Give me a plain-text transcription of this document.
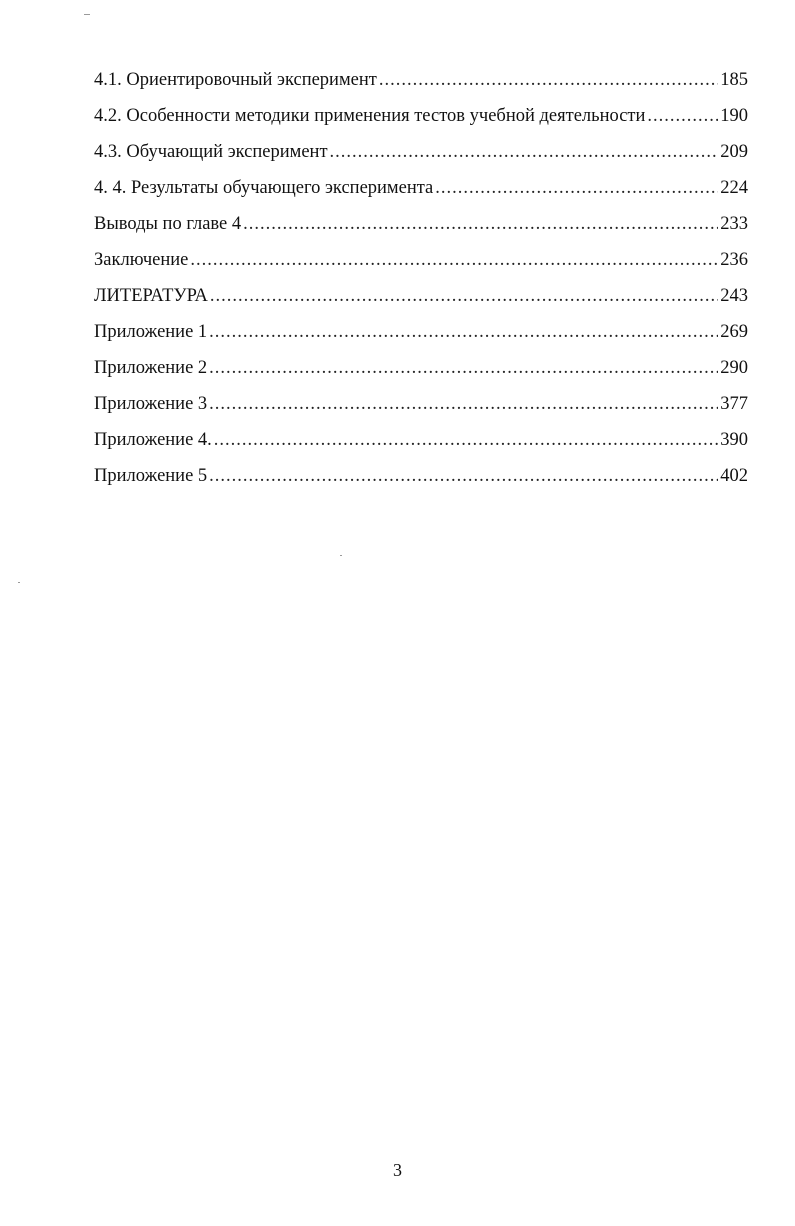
4.1. Ориентировочный эксперимент .....	185
4.2. Особенности методики применения тестов учебной деятельности .....	190
4.3. Обучающий эксперимент .....	209
4. 4. Результаты обучающего эксперимента .....	224
Выводы по главе 4 .....	233
Заключение .....	236
ЛИТЕРАТУРА .....	243
Приложение 1 .....	269
Приложение 2 .....	290
Приложение 3 .....	377
Приложение 4. .....	390
Приложение 5 .....	402
3
